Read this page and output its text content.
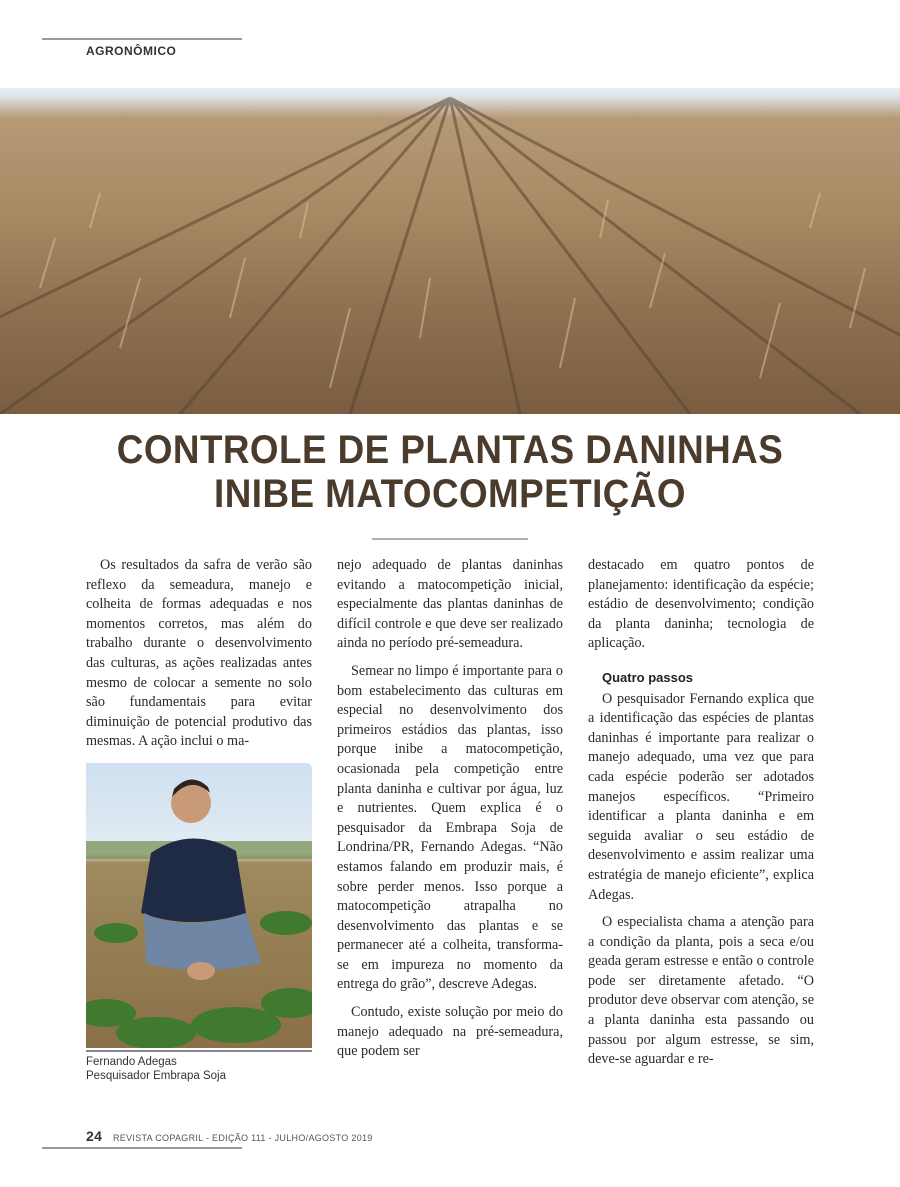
AGRONÔMICO
CONTROLE DE PLANTAS DANINHAS
INIBE MATOCOMPETIÇÃO

Os resultados da safra de verão são reflexo da semeadura, manejo e colheita de formas adequadas e nos momentos corretos, mas além do trabalho durante o desenvolvimento das culturas, as ações realizadas antes mesmo de colocar a semente no solo são fundamentais para evitar diminuição de potencial produtivo das mesmas. A ação inclui o ma-

Fernando Adegas
Pesquisador Embrapa Soja

nejo adequado de plantas daninhas evitando a matocompetição inicial, especialmente das plantas daninhas de difícil controle e que deve ser realizado ainda no período pré-semeadura.

Semear no limpo é importante para o bom estabelecimento das culturas em especial no desenvolvimento dos primeiros estádios das plantas, isso porque inibe a matocompetição, ocasionada pela competição entre planta daninha e cultivar por água, luz e nutrientes. Quem explica é o pesquisador da Embrapa Soja de Londrina/PR, Fernando Adegas. “Não estamos falando em produzir mais, é sobre perder menos. Isso porque a matocompetição atrapalha no desenvolvimento das plantas e se permanecer até a colheita, transforma-se em impureza no momento da entrega do grão”, descreve Adegas.

Contudo, existe solução por meio do manejo adequado na pré-semeadura, que podem ser

destacado em quatro pontos de planejamento: identificação da espécie; estádio de desenvolvimento; condição da planta daninha; tecnologia de aplicação.

Quatro passos

O pesquisador Fernando explica que a identificação das espécies de plantas daninhas é importante para realizar o manejo adequado, uma vez que para cada espécie poderão ser adotados manejos específicos. “Primeiro identificar a planta daninha e em seguida avaliar o seu estádio de desenvolvimento e assim realizar uma estratégia de manejo eficiente”, explica Adegas.

O especialista chama a atenção para a condição da planta, pois a seca e/ou geada geram estresse e então o controle pode ser diretamente afetado. “O produtor deve observar com atenção, se a planta daninha esta passando ou passou por algum estresse, se sim, deve-se aguardar e re-

24 REVISTA COPAGRIL - EDIÇÃO 111 - JULHO/AGOSTO 2019
